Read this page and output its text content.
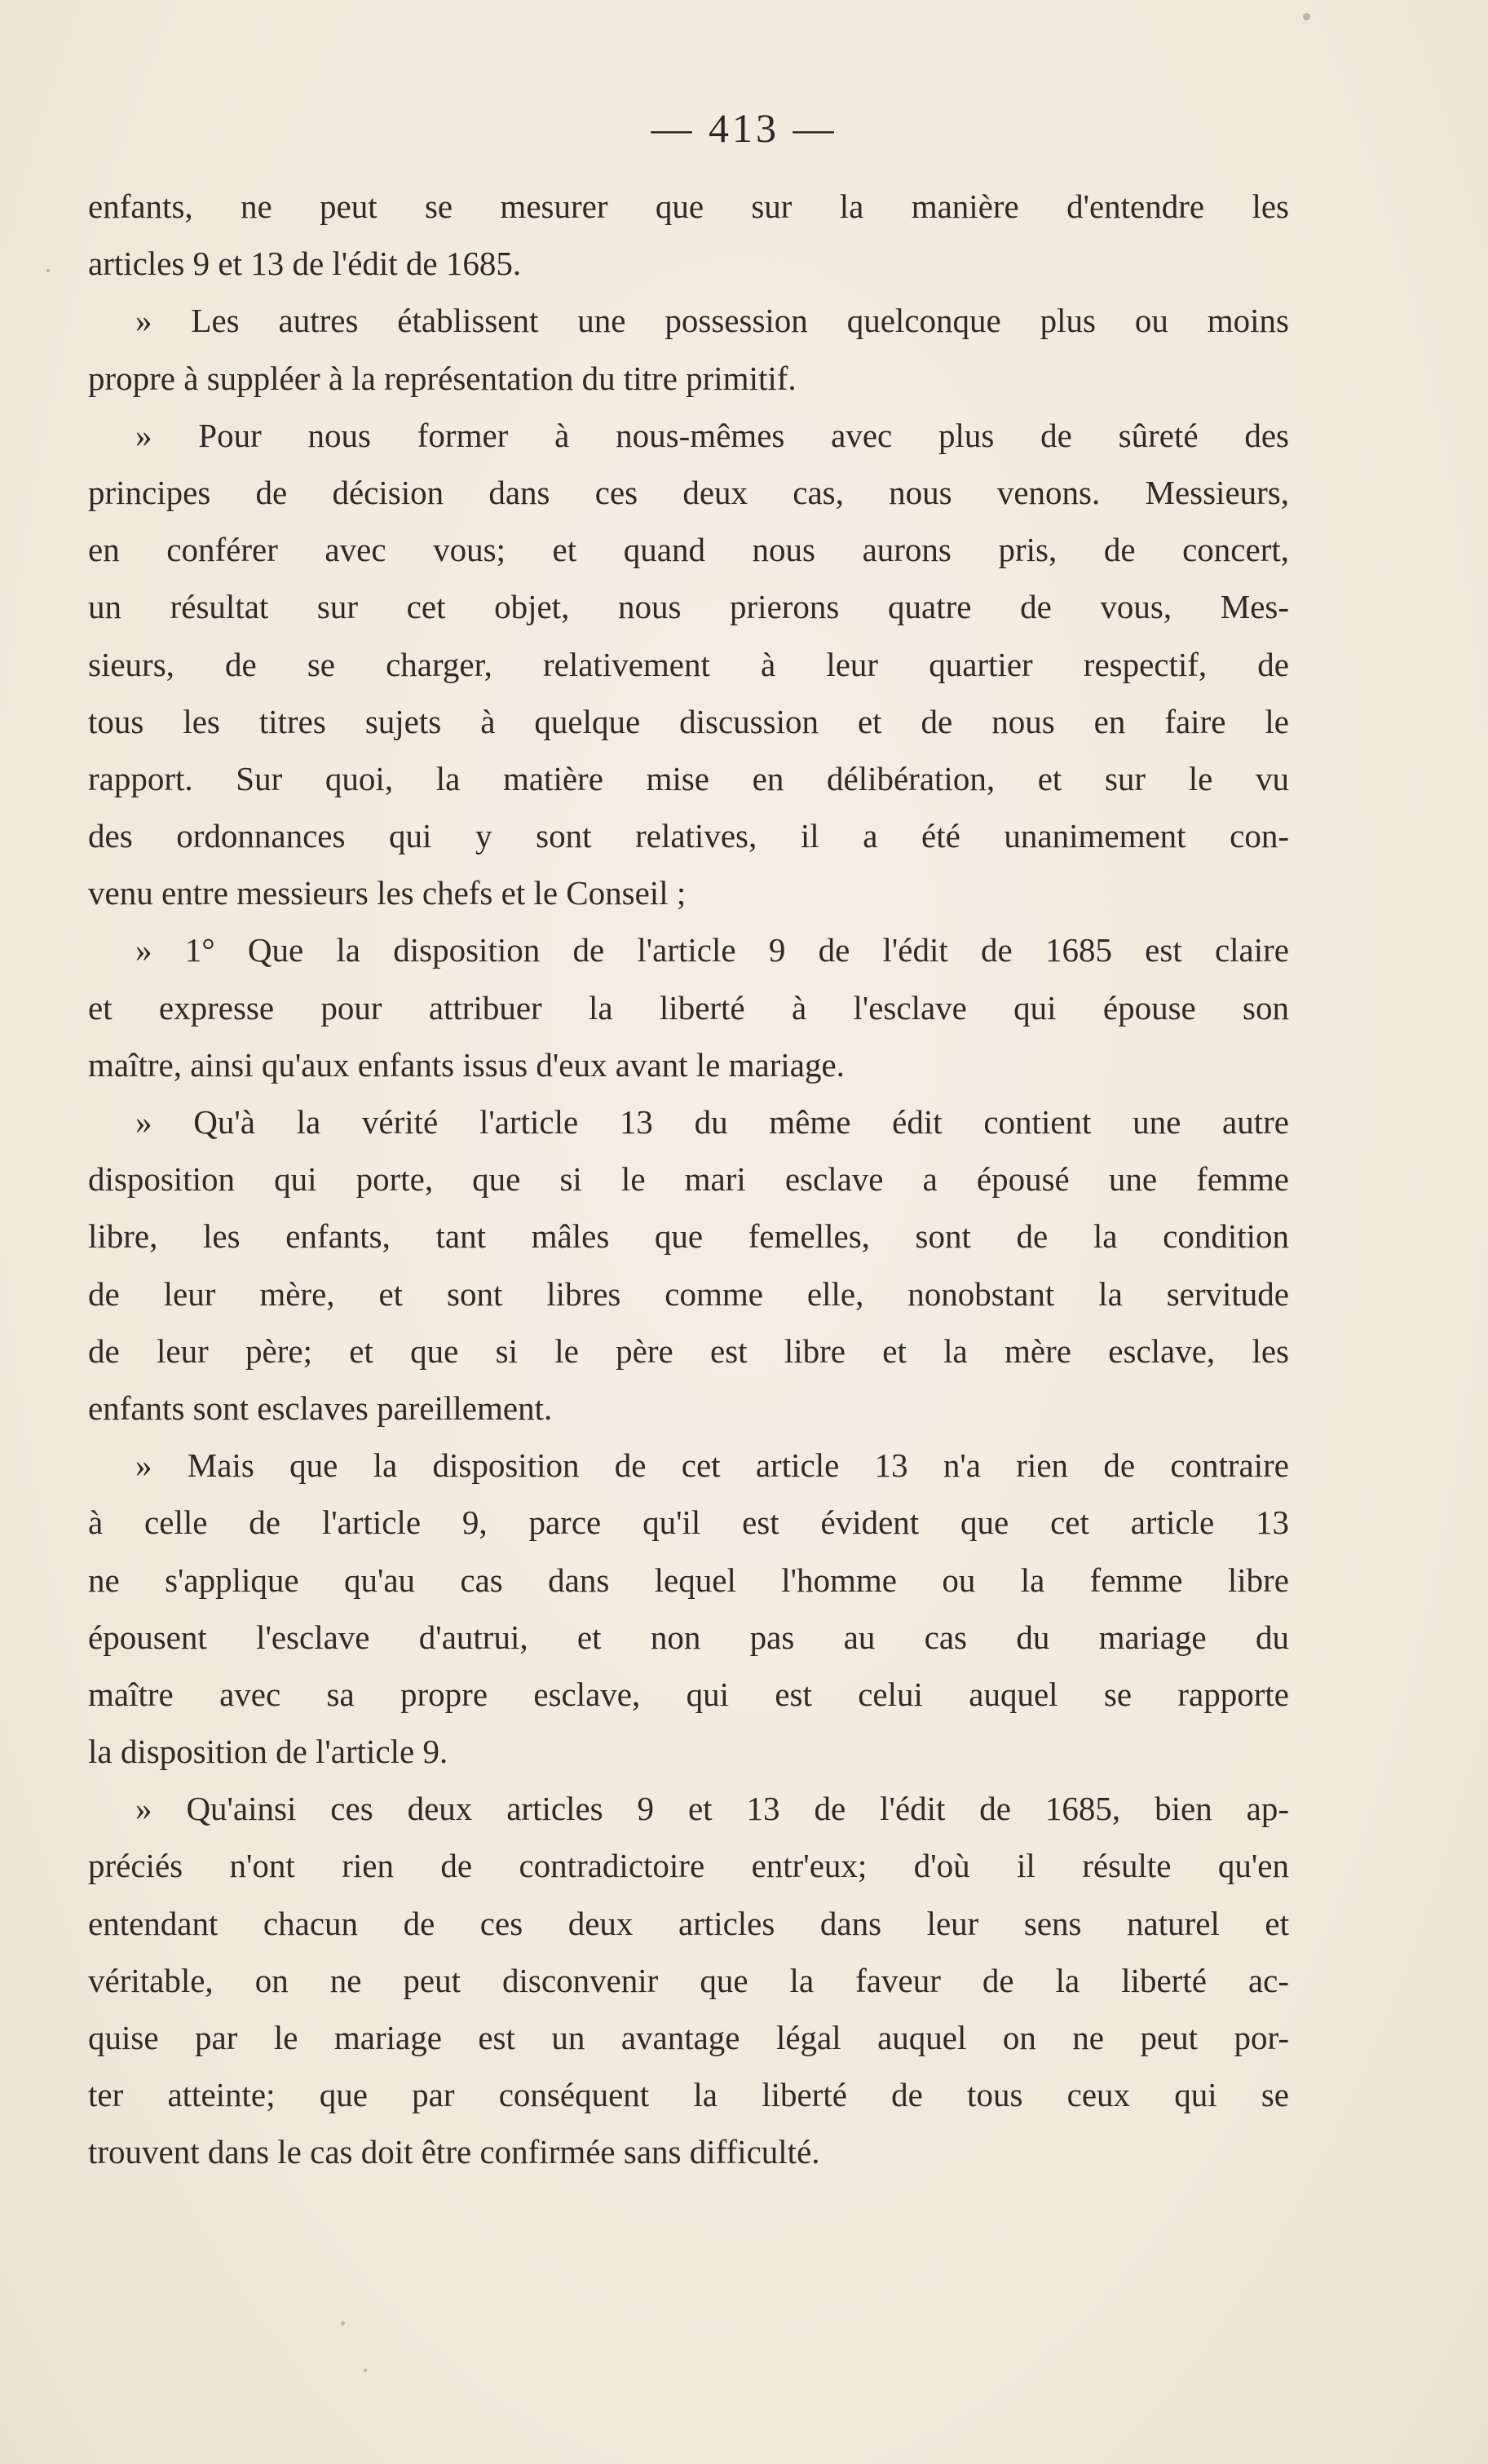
— 413 —
enfants, ne peut se mesurer que sur la manière d'entendre les
articles 9 et 13 de l'édit de 1685.
» Les autres établissent une possession quelconque plus ou moins
propre à suppléer à la représentation du titre primitif.
» Pour nous former à nous-mêmes avec plus de sûreté des
principes de décision dans ces deux cas, nous venons. Messieurs,
en conférer avec vous; et quand nous aurons pris, de concert,
un résultat sur cet objet, nous prierons quatre de vous, Mes-
sieurs, de se charger, relativement à leur quartier respectif, de
tous les titres sujets à quelque discussion et de nous en faire le
rapport. Sur quoi, la matière mise en délibération, et sur le vu
des ordonnances qui y sont relatives, il a été unanimement con-
venu entre messieurs les chefs et le Conseil ;
» 1° Que la disposition de l'article 9 de l'édit de 1685 est claire
et expresse pour attribuer la liberté à l'esclave qui épouse son
maître, ainsi qu'aux enfants issus d'eux avant le mariage.
» Qu'à la vérité l'article 13 du même édit contient une autre
disposition qui porte, que si le mari esclave a épousé une femme
libre, les enfants, tant mâles que femelles, sont de la condition
de leur mère, et sont libres comme elle, nonobstant la servitude
de leur père; et que si le père est libre et la mère esclave, les
enfants sont esclaves pareillement.
» Mais que la disposition de cet article 13 n'a rien de contraire
à celle de l'article 9, parce qu'il est évident que cet article 13
ne s'applique qu'au cas dans lequel l'homme ou la femme libre
épousent l'esclave d'autrui, et non pas au cas du mariage du
maître avec sa propre esclave, qui est celui auquel se rapporte
la disposition de l'article 9.
» Qu'ainsi ces deux articles 9 et 13 de l'édit de 1685, bien ap-
préciés n'ont rien de contradictoire entr'eux; d'où il résulte qu'en
entendant chacun de ces deux articles dans leur sens naturel et
véritable, on ne peut disconvenir que la faveur de la liberté ac-
quise par le mariage est un avantage légal auquel on ne peut por-
ter atteinte; que par conséquent la liberté de tous ceux qui se
trouvent dans le cas doit être confirmée sans difficulté.
